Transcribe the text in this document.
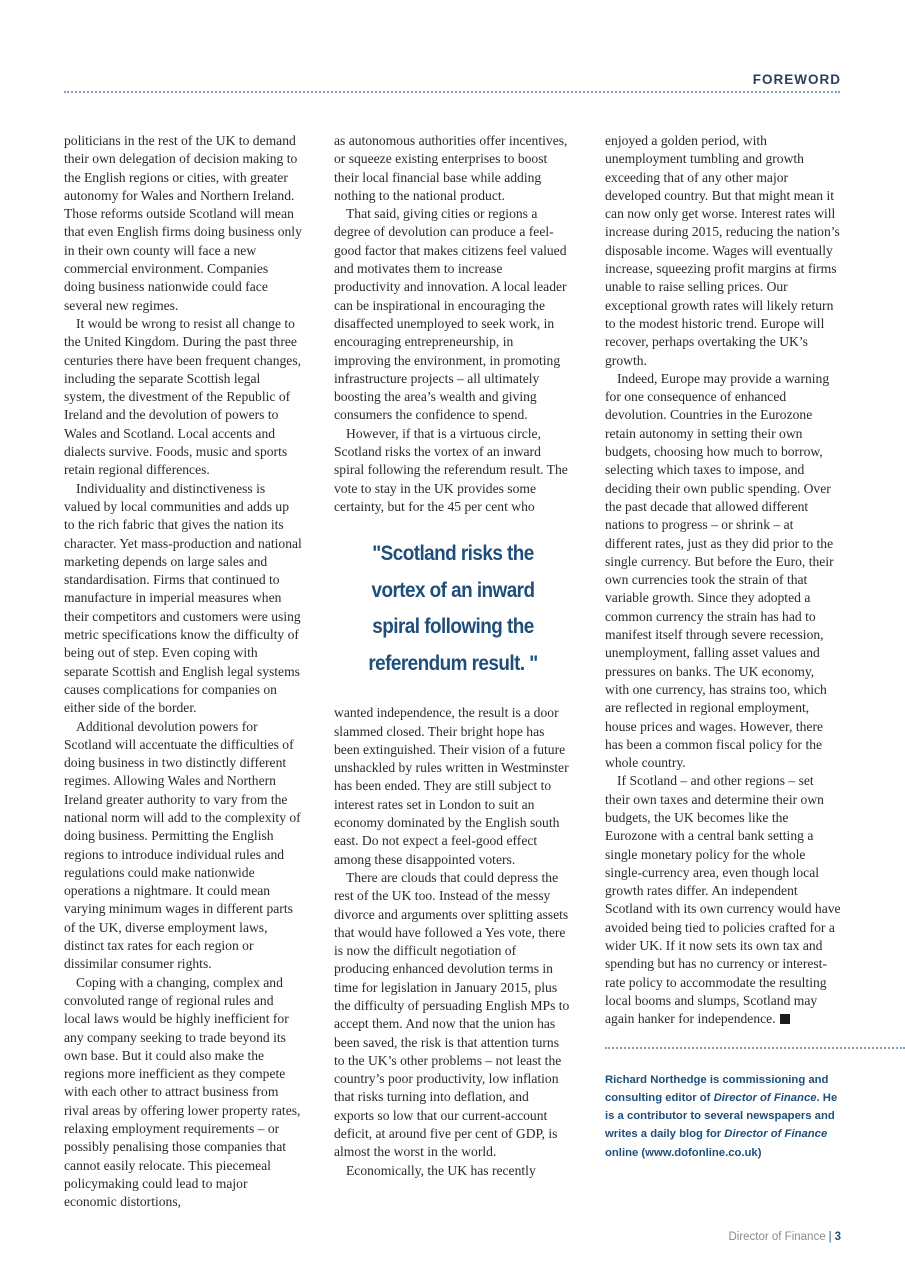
FOREWORD

politicians in the rest of the UK to demand their own delegation of decision making to the English regions or cities, with greater autonomy for Wales and Northern Ireland. Those reforms outside Scotland will mean that even English firms doing business only in their own county will face a new commercial environment. Companies doing business nationwide could face several new regimes.

It would be wrong to resist all change to the United Kingdom. During the past three centuries there have been frequent changes, including the separate Scottish legal system, the divestment of the Republic of Ireland and the devolution of powers to Wales and Scotland. Local accents and dialects survive. Foods, music and sports retain regional differences.

Individuality and distinctiveness is valued by local communities and adds up to the rich fabric that gives the nation its character. Yet mass-production and national marketing depends on large sales and standardisation. Firms that continued to manufacture in imperial measures when their competitors and customers were using metric specifications know the difficulty of being out of step. Even coping with separate Scottish and English legal systems causes complications for companies on either side of the border.

Additional devolution powers for Scotland will accentuate the difficulties of doing business in two distinctly different regimes. Allowing Wales and Northern Ireland greater authority to vary from the national norm will add to the complexity of doing business. Permitting the English regions to introduce individual rules and regulations could make nationwide operations a nightmare. It could mean varying minimum wages in different parts of the UK, diverse employment laws, distinct tax rates for each region or dissimilar consumer rights.

Coping with a changing, complex and convoluted range of regional rules and local laws would be highly inefficient for any company seeking to trade beyond its own base. But it could also make the regions more inefficient as they compete with each other to attract business from rival areas by offering lower property rates, relaxing employment requirements – or possibly penalising those companies that cannot easily relocate. This piecemeal policymaking could lead to major economic distortions,

as autonomous authorities offer incentives, or squeeze existing enterprises to boost their local financial base while adding nothing to the national product.

That said, giving cities or regions a degree of devolution can produce a feel-good factor that makes citizens feel valued and motivates them to increase productivity and innovation. A local leader can be inspirational in encouraging the disaffected unemployed to seek work, in encouraging entrepreneurship, in improving the environment, in promoting infrastructure projects – all ultimately boosting the area’s wealth and giving consumers the confidence to spend.

However, if that is a virtuous circle, Scotland risks the vortex of an inward spiral following the referendum result. The vote to stay in the UK provides some certainty, but for the 45 per cent who

"Scotland risks the vortex of an inward spiral following the referendum result. "

wanted independence, the result is a door slammed closed. Their bright hope has been extinguished. Their vision of a future unshackled by rules written in Westminster has been ended. They are still subject to interest rates set in London to suit an economy dominated by the English south east. Do not expect a feel-good effect among these disappointed voters.

There are clouds that could depress the rest of the UK too. Instead of the messy divorce and arguments over splitting assets that would have followed a Yes vote, there is now the difficult negotiation of producing enhanced devolution terms in time for legislation in January 2015, plus the difficulty of persuading English MPs to accept them. And now that the union has been saved, the risk is that attention turns to the UK’s other problems – not least the country’s poor productivity, low inflation that risks turning into deflation, and exports so low that our current-account deficit, at around five per cent of GDP, is almost the worst in the world.

Economically, the UK has recently

enjoyed a golden period, with unemployment tumbling and growth exceeding that of any other major developed country. But that might mean it can now only get worse. Interest rates will increase during 2015, reducing the nation’s disposable income. Wages will eventually increase, squeezing profit margins at firms unable to raise selling prices. Our exceptional growth rates will likely return to the modest historic trend. Europe will recover, perhaps overtaking the UK’s growth.

Indeed, Europe may provide a warning for one consequence of enhanced devolution. Countries in the Eurozone retain autonomy in setting their own budgets, choosing how much to borrow, selecting which taxes to impose, and deciding their own public spending. Over the past decade that allowed different nations to progress – or shrink – at different rates, just as they did prior to the single currency. But before the Euro, their own currencies took the strain of that variable growth. Since they adopted a common currency the strain has had to manifest itself through severe recession, unemployment, falling asset values and pressures on banks. The UK economy, with one currency, has strains too, which are reflected in regional employment, house prices and wages. However, there has been a common fiscal policy for the whole country.

If Scotland – and other regions – set their own taxes and determine their own budgets, the UK becomes like the Eurozone with a central bank setting a single monetary policy for the whole single-currency area, even though local growth rates differ. An independent Scotland with its own currency would have avoided being tied to policies crafted for a wider UK. If it now sets its own tax and spending but has no currency or interest-rate policy to accommodate the resulting local booms and slumps, Scotland may again hanker for independence.

Richard Northedge is commissioning and consulting editor of Director of Finance. He is a contributor to several newspapers and writes a daily blog for Director of Finance online (www.dofonline.co.uk)
Director of Finance | 3
